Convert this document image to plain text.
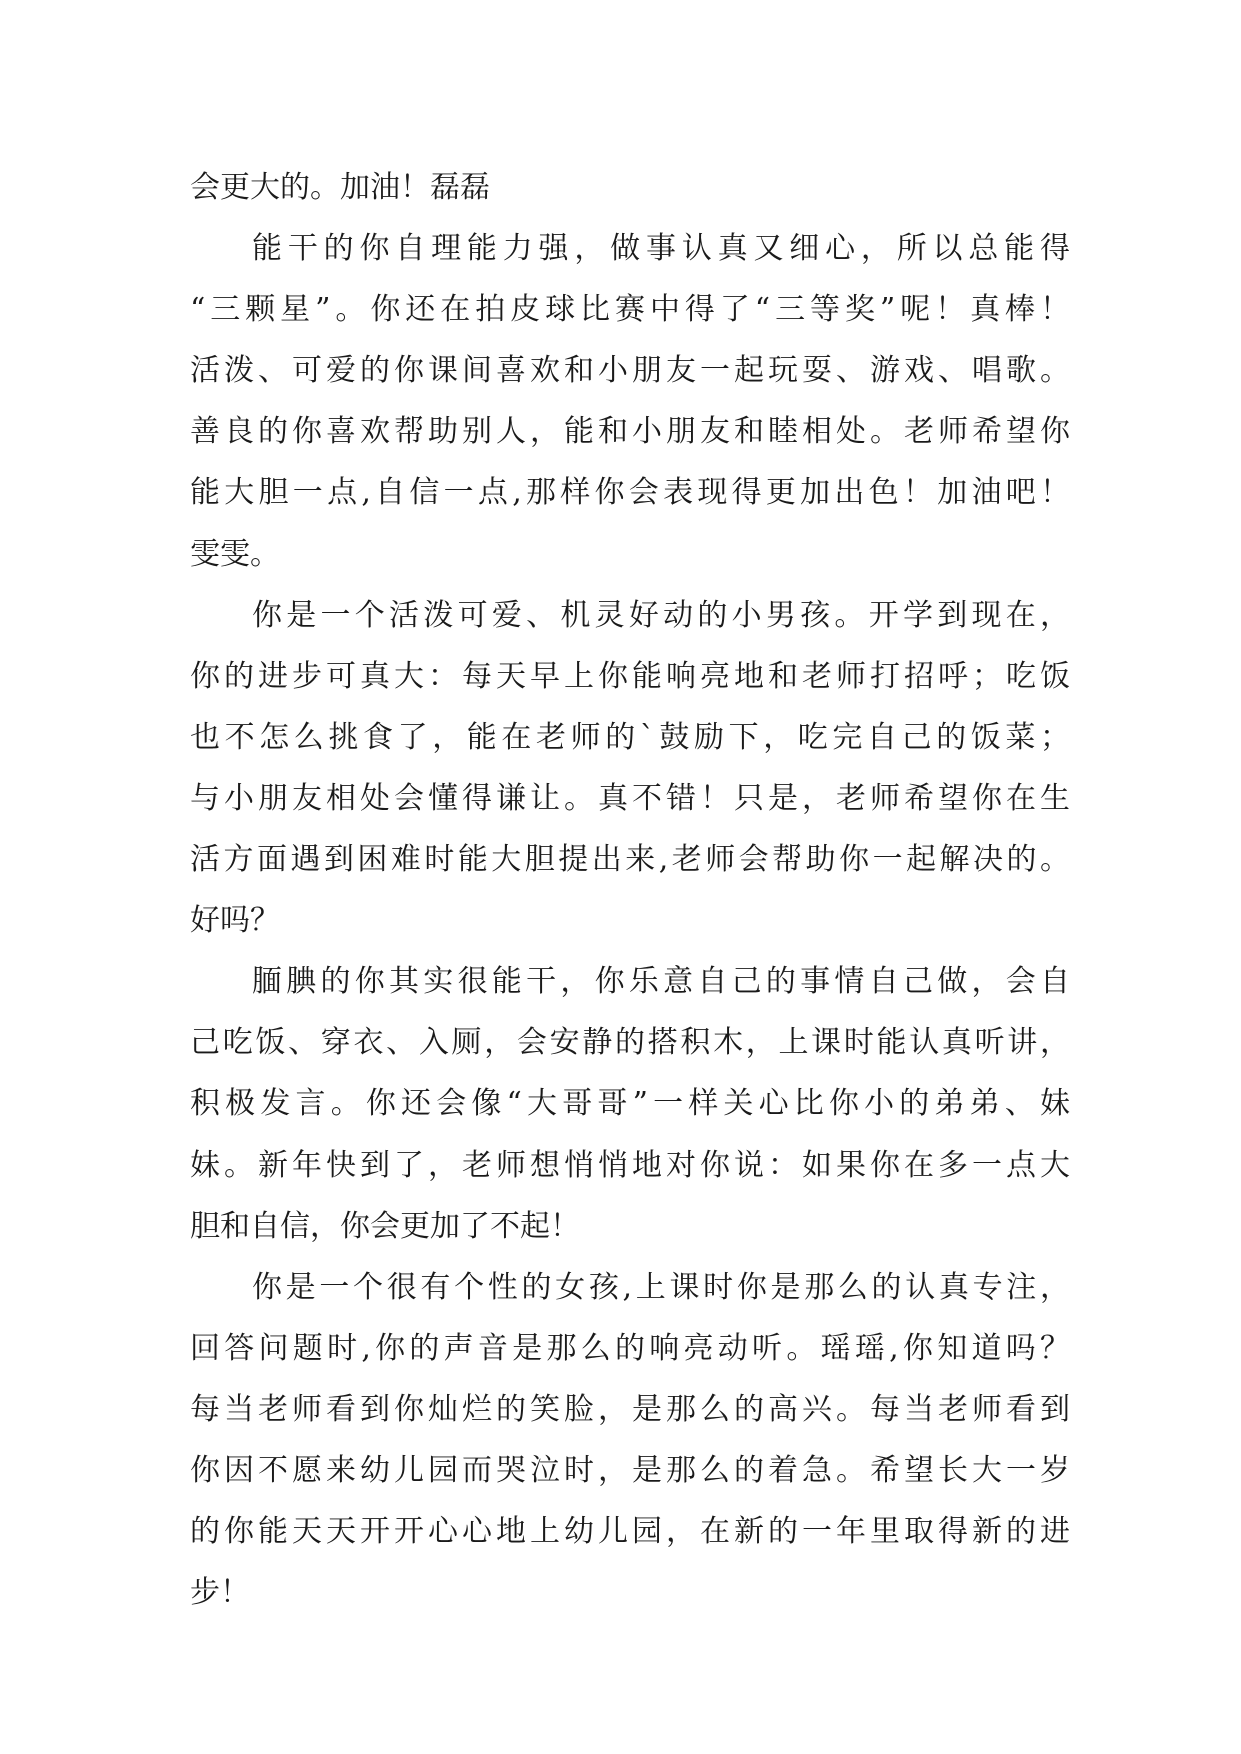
会更大的。加油！磊磊
能干的你自理能力强，做事认真又细心，所以总能得
“三颗星”。你还在拍皮球比赛中得了“三等奖”呢！真棒！
活泼、可爱的你课间喜欢和小朋友一起玩耍、游戏、唱歌。
善良的你喜欢帮助别人，能和小朋友和睦相处。老师希望你
能大胆一点,自信一点,那样你会表现得更加出色！加油吧！
雯雯。
你是一个活泼可爱、机灵好动的小男孩。开学到现在，
你的进步可真大：每天早上你能响亮地和老师打招呼；吃饭
也不怎么挑食了，能在老师的`鼓励下，吃完自己的饭菜；
与小朋友相处会懂得谦让。真不错！只是，老师希望你在生
活方面遇到困难时能大胆提出来,老师会帮助你一起解决的。
好吗？
腼腆的你其实很能干，你乐意自己的事情自己做，会自
己吃饭、穿衣、入厕，会安静的搭积木，上课时能认真听讲，
积极发言。你还会像“大哥哥”一样关心比你小的弟弟、妹
妹。新年快到了，老师想悄悄地对你说：如果你在多一点大
胆和自信，你会更加了不起！
你是一个很有个性的女孩,上课时你是那么的认真专注，
回答问题时,你的声音是那么的响亮动听。瑶瑶,你知道吗？
每当老师看到你灿烂的笑脸，是那么的高兴。每当老师看到
你因不愿来幼儿园而哭泣时，是那么的着急。希望长大一岁
的你能天天开开心心地上幼儿园，在新的一年里取得新的进
步！
